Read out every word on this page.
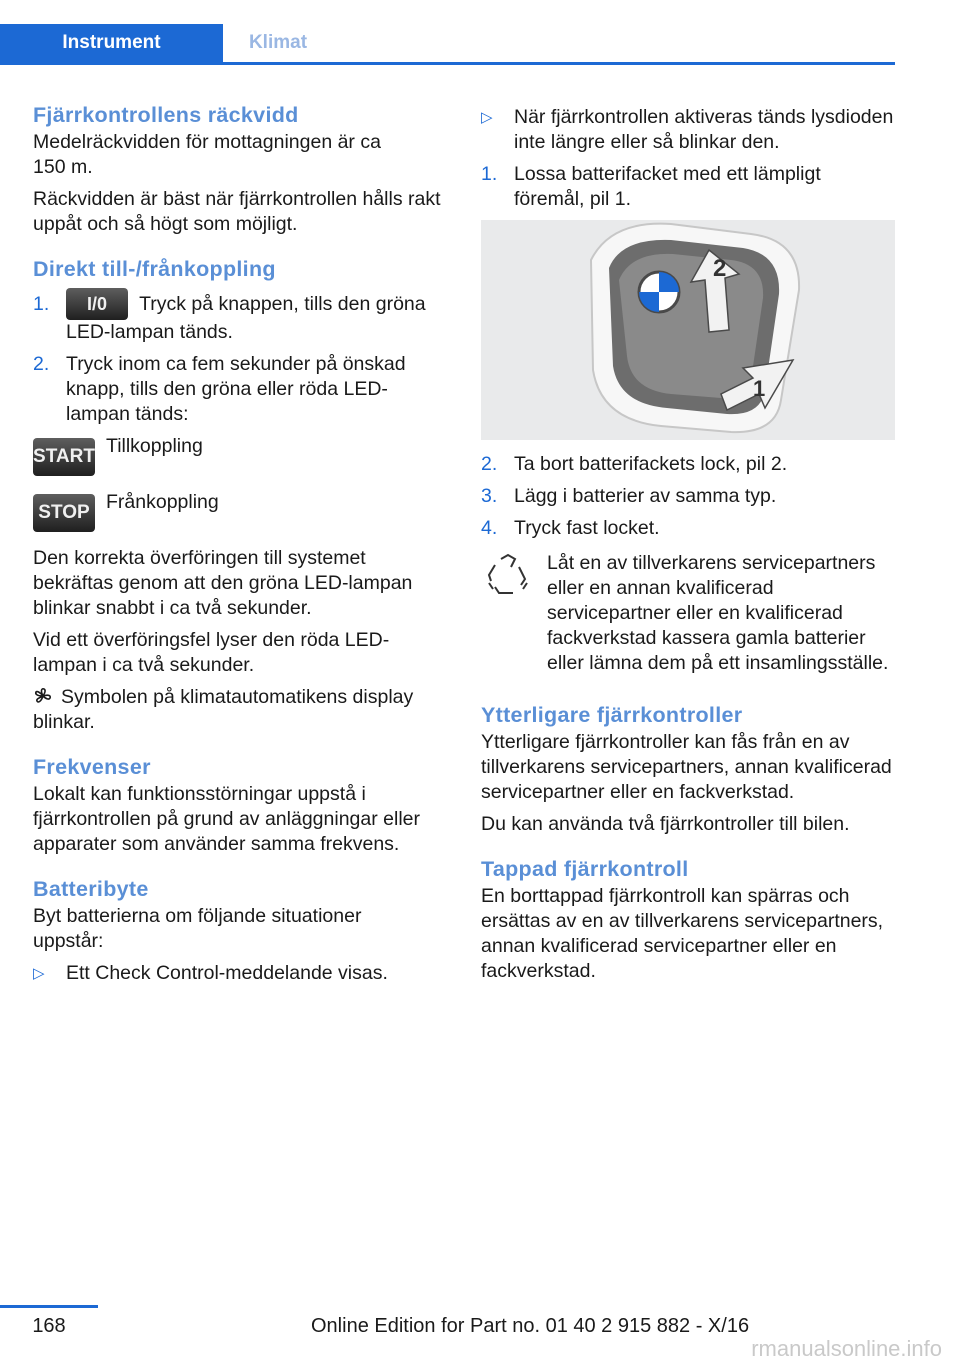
Instrument	Klimat
Fjärrkontrollens räckvidd

Medelräckvidden för mottagningen är ca 150 m.

Räckvidden är bäst när fjärrkontrollen hålls rakt uppåt och så högt som möjligt.

Direkt till-/frånkoppling
1. I/0 Tryck på knappen, tills den gröna LED-lampan tänds.
2. Tryck inom ca fem sekunder på önskad knapp, tills den gröna eller röda LED-lampan tänds:
START Tillkoppling
STOP Frånkoppling

Den korrekta överföringen till systemet bekräftas genom att den gröna LED-lampan blinkar snabbt i ca två sekunder.

Vid ett överföringsfel lyser den röda LED-lampan i ca två sekunder.

Symbolen på klimatautomatikens display blinkar.

Frekvenser

Lokalt kan funktionsstörningar uppstå i fjärrkontrollen på grund av anläggningar eller apparater som använder samma frekvens.

Batteribyte

Byt batterierna om följande situationer uppstår:

▷ Ett Check Control-meddelande visas.
▷ När fjärrkontrollen aktiveras tänds lysdioden inte längre eller så blinkar den.
1. Lossa batterifacket med ett lämpligt föremål, pil 1.
2
1
2. Ta bort batterifackets lock, pil 2.
3. Lägg i batterier av samma typ.
4. Tryck fast locket.
Låt en av tillverkarens servicepartners eller en annan kvalificerad servicepartner eller en kvalificerad fackverkstad kassera gamla batterier eller lämna dem på ett insamlingsställe.
Ytterligare fjärrkontroller

Ytterligare fjärrkontroller kan fås från en av tillverkarens servicepartners, annan kvalificerad servicepartner eller en fackverkstad.

Du kan använda två fjärrkontroller till bilen.

Tappad fjärrkontroll

En borttappad fjärrkontroll kan spärras och ersättas av en av tillverkarens servicepartners, annan kvalificerad servicepartner eller en fackverkstad.

168	Online Edition for Part no. 01 40 2 915 882 - X/16
rmanualsonline.info
